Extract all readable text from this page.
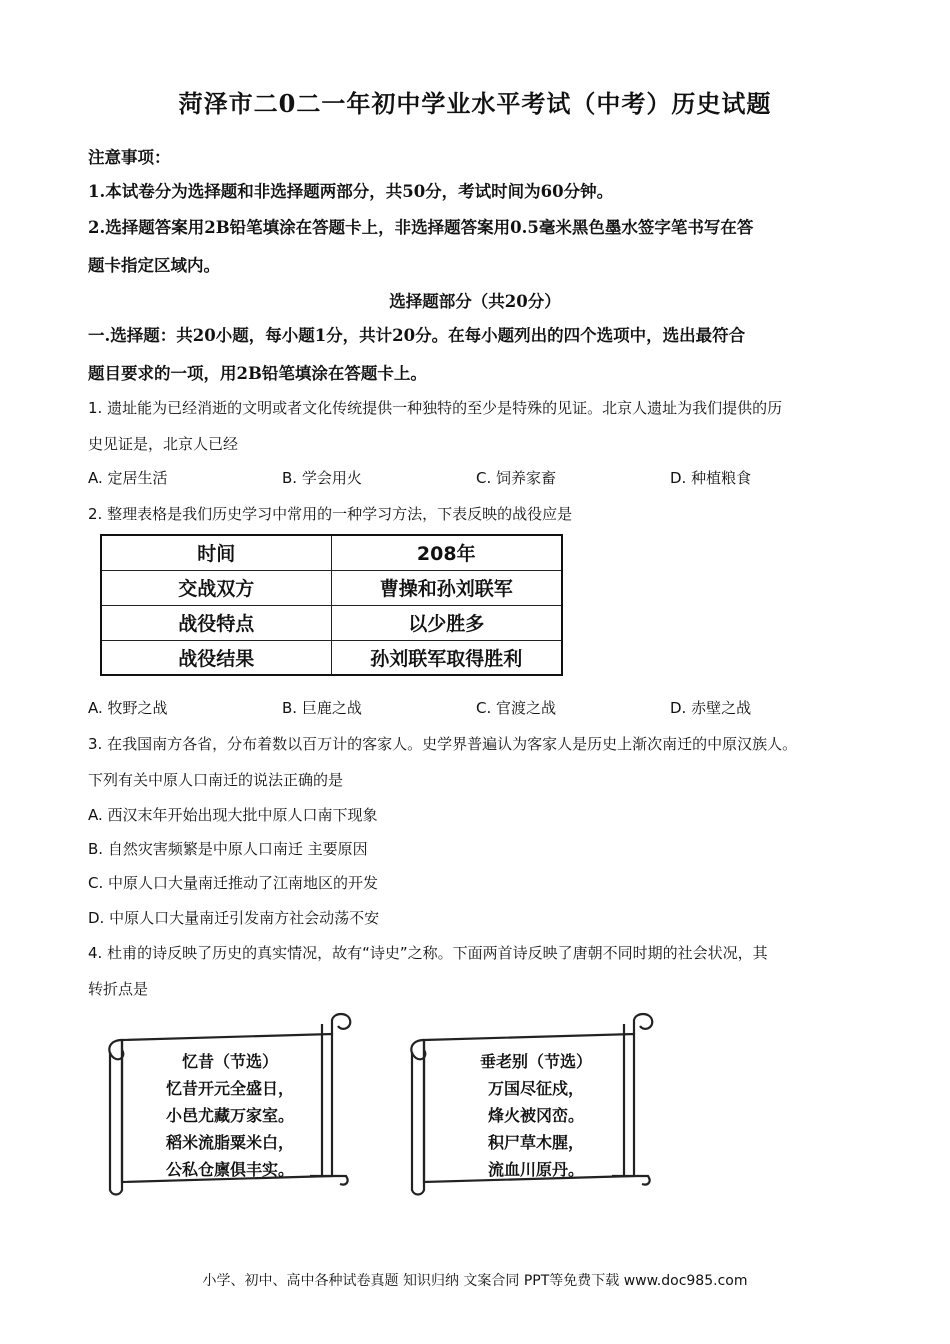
菏泽市二0二一年初中学业水平考试（中考）历史试题
注意事项：
1.本试卷分为选择题和非选择题两部分，共50分，考试时间为60分钟。
2.选择题答案用2B铅笔填涂在答题卡上，非选择题答案用0.5毫米黑色墨水签字笔书写在答
题卡指定区域内。
选择题部分（共20分）
一.选择题：共20小题，每小题1分，共计20分。在每小题列出的四个选项中，选出最符合
题目要求的一项，用2B铅笔填涂在答题卡上。
1. 遗址能为已经消逝的文明或者文化传统提供一种独特的至少是特殊的见证。北京人遗址为我们提供的历
史见证是，北京人已经
A. 定居生活	B. 学会用火	C. 饲养家畜	D. 种植粮食
2. 整理表格是我们历史学习中常用的一种学习方法，下表反映的战役应是
时间	208年
交战双方	曹操和孙刘联军
战役特点	以少胜多
战役结果	孙刘联军取得胜利
A. 牧野之战	B. 巨鹿之战	C. 官渡之战	D. 赤壁之战
3. 在我国南方各省，分布着数以百万计的客家人。史学界普遍认为客家人是历史上渐次南迁的中原汉族人。
下列有关中原人口南迁的说法正确的是
A. 西汉末年开始出现大批中原人口南下现象
B. 自然灾害频繁是中原人口南迁 主要原因
C. 中原人口大量南迁推动了江南地区的开发
D. 中原人口大量南迁引发南方社会动荡不安
4. 杜甫的诗反映了历史的真实情况，故有“诗史”之称。下面两首诗反映了唐朝不同时期的社会状况，其
转折点是
忆昔（节选）
忆昔开元全盛日，
小邑尤藏万家室。
稻米流脂粟米白，
公私仓廪俱丰实。
垂老别（节选）
万国尽征戍，
烽火被冈峦。
积尸草木腥，
流血川原丹。
小学、初中、高中各种试卷真题 知识归纳 文案合同 PPT等免费下载 www.doc985.com
